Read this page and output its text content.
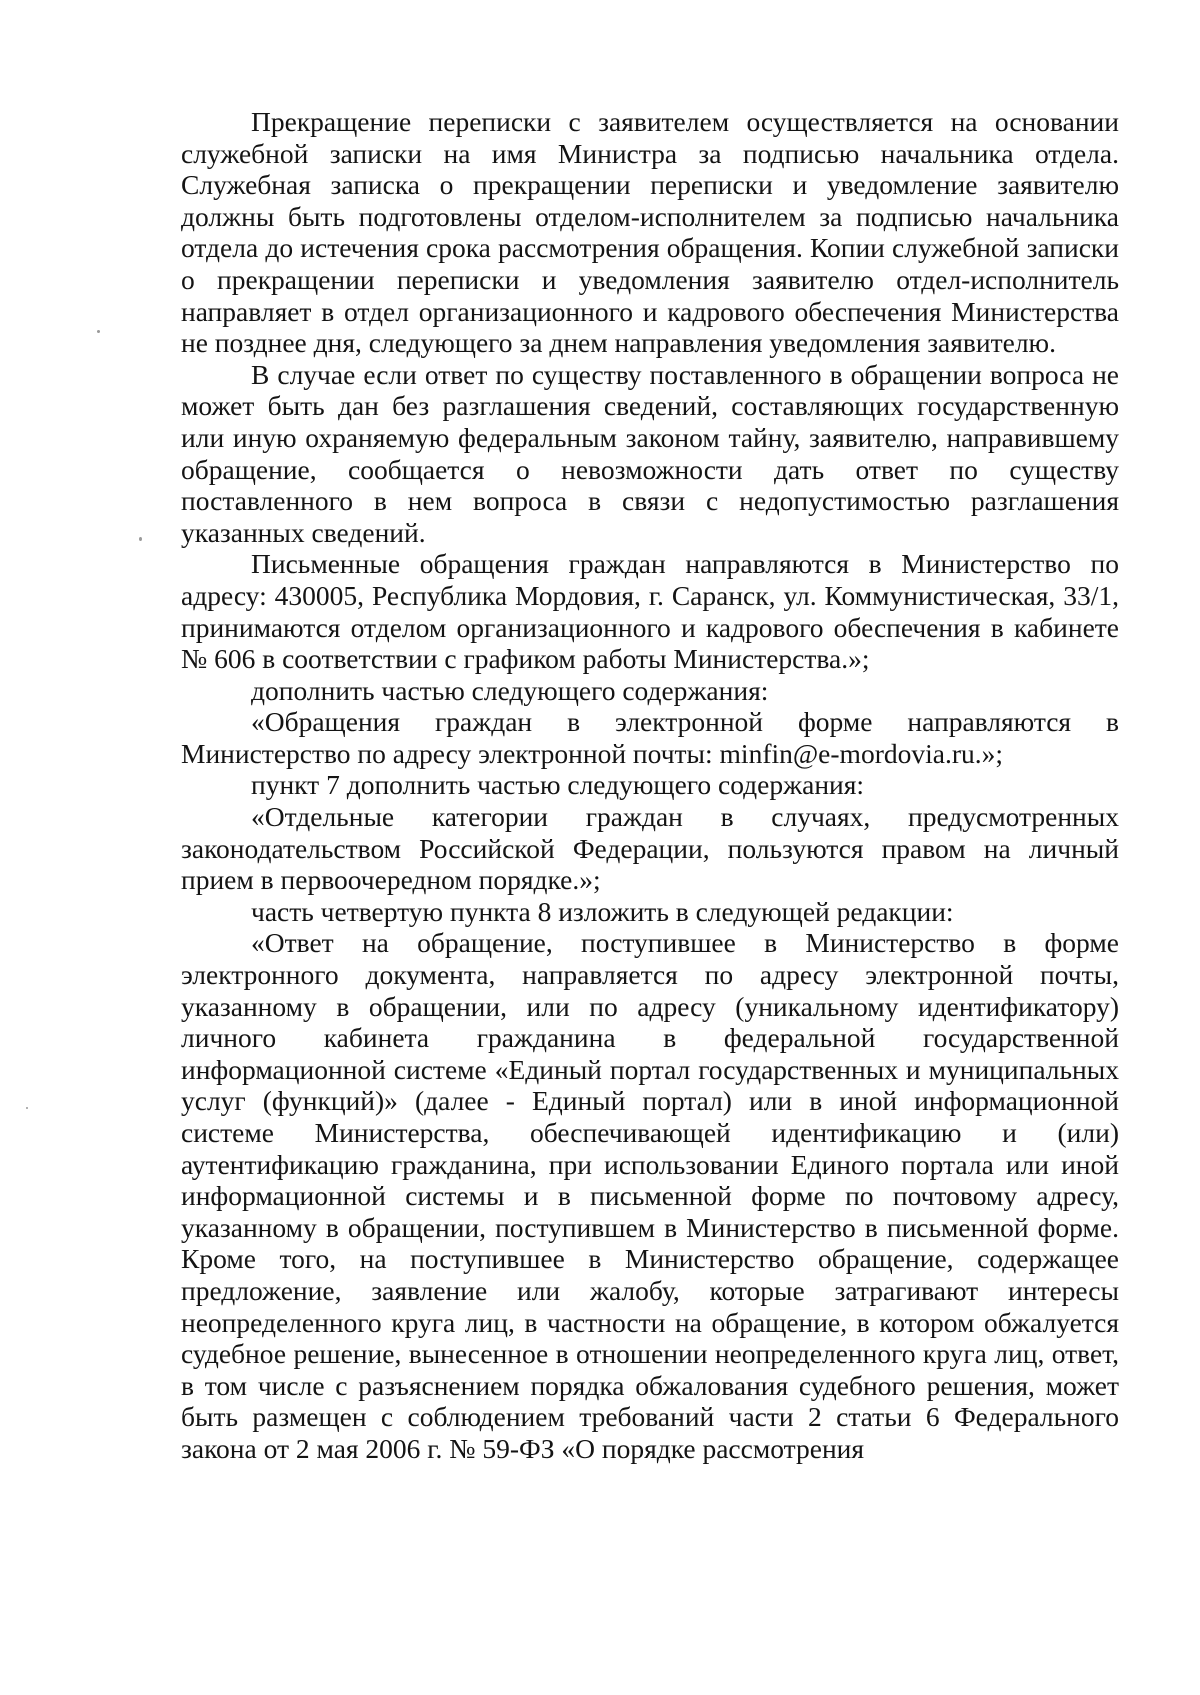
Прекращение переписки с заявителем осуществляется на основании служебной записки на имя Министра за подписью начальника отдела. Служебная записка о прекращении переписки и уведомление заявителю должны быть подготовлены отделом-исполнителем за подписью начальника отдела до истечения срока рассмотрения обращения. Копии служебной записки о прекращении переписки и уведомления заявителю отдел-исполнитель направляет в отдел организационного и кадрового обеспечения Министерства не позднее дня, следующего за днем направления уведомления заявителю.

В случае если ответ по существу поставленного в обращении вопроса не может быть дан без разглашения сведений, составляющих государственную или иную охраняемую федеральным законом тайну, заявителю, направившему обращение, сообщается о невозможности дать ответ по существу поставленного в нем вопроса в связи с недопустимостью разглашения указанных сведений.

Письменные обращения граждан направляются в Министерство по адресу: 430005, Республика Мордовия, г. Саранск, ул. Коммунистическая, 33/1, принимаются отделом организационного и кадрового обеспечения в кабинете № 606 в соответствии с графиком работы Министерства.»;

дополнить частью следующего содержания:

«Обращения граждан в электронной форме направляются в Министерство по адресу электронной почты: minfin@e-mordovia.ru.»;

пункт 7 дополнить частью следующего содержания:

«Отдельные категории граждан в случаях, предусмотренных законодательством Российской Федерации, пользуются правом на личный прием в первоочередном порядке.»;

часть четвертую пункта 8 изложить в следующей редакции:

«Ответ на обращение, поступившее в Министерство в форме электронного документа, направляется по адресу электронной почты, указанному в обращении, или по адресу (уникальному идентификатору) личного кабинета гражданина в федеральной государственной информационной системе «Единый портал государственных и муниципальных услуг (функций)» (далее - Единый портал) или в иной информационной системе Министерства, обеспечивающей идентификацию и (или) аутентификацию гражданина, при использовании Единого портала или иной информационной системы и в письменной форме по почтовому адресу, указанному в обращении, поступившем в Министерство в письменной форме. Кроме того, на поступившее в Министерство обращение, содержащее предложение, заявление или жалобу, которые затрагивают интересы неопределенного круга лиц, в частности на обращение, в котором обжалуется судебное решение, вынесенное в отношении неопределенного круга лиц, ответ, в том числе с разъяснением порядка обжалования судебного решения, может быть размещен с соблюдением требований части 2 статьи 6 Федерального закона от 2 мая 2006 г. № 59-ФЗ «О порядке рассмотрения
